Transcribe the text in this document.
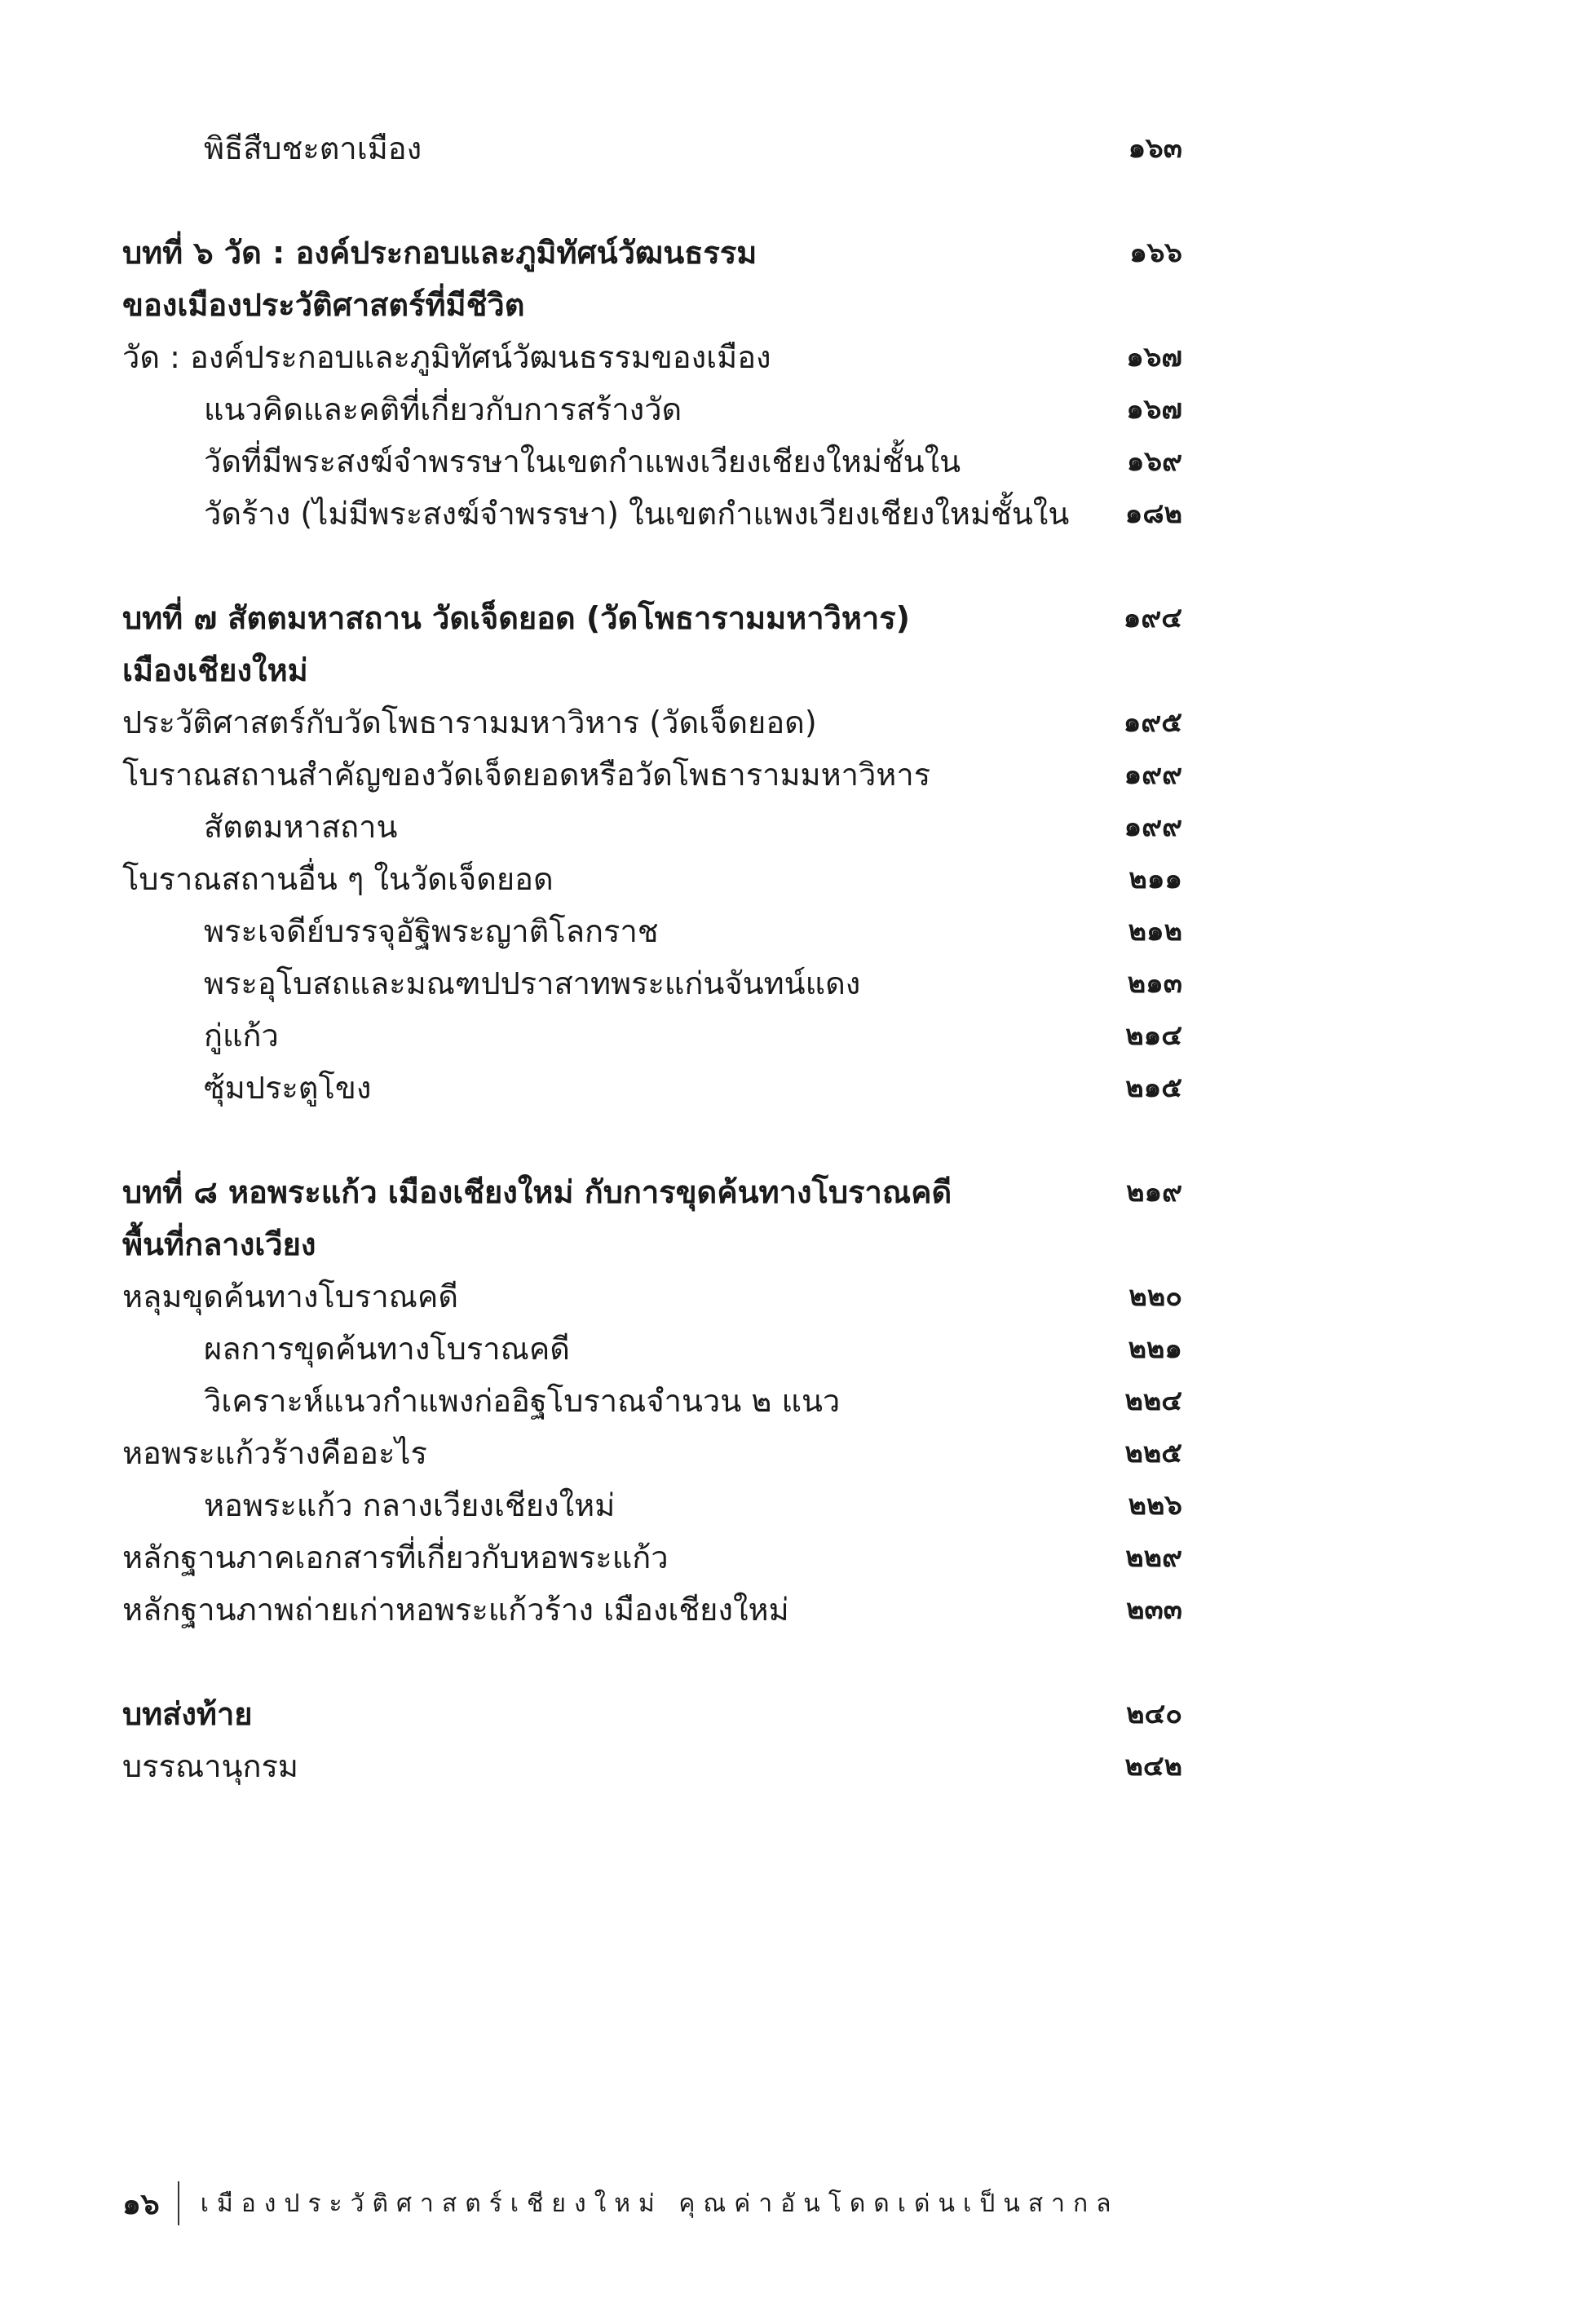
พิธีสืบชะตาเมือง	๑๖๓
บทที่ ๖ วัด : องค์ประกอบและภูมิทัศน์วัฒนธรรม	๑๖๖
ของเมืองประวัติศาสตร์ที่มีชีวิต
วัด : องค์ประกอบและภูมิทัศน์วัฒนธรรมของเมือง	๑๖๗
แนวคิดและคติที่เกี่ยวกับการสร้างวัด	๑๖๗
วัดที่มีพระสงฆ์จำพรรษาในเขตกำแพงเวียงเชียงใหม่ชั้นใน	๑๖๙
วัดร้าง (ไม่มีพระสงฆ์จำพรรษา) ในเขตกำแพงเวียงเชียงใหม่ชั้นใน ๑๘๒
บทที่ ๗ สัตตมหาสถาน วัดเจ็ดยอด (วัดโพธารามมหาวิหาร)	๑๙๔
เมืองเชียงใหม่
ประวัติศาสตร์กับวัดโพธารามมหาวิหาร (วัดเจ็ดยอด)	๑๙๕
โบราณสถานสำคัญของวัดเจ็ดยอดหรือวัดโพธารามมหาวิหาร	๑๙๙
สัตตมหาสถาน	๑๙๙
โบราณสถานอื่น ๆ ในวัดเจ็ดยอด	๒๑๑
พระเจดีย์บรรจุอัฐิพระญาติโลกราช	๒๑๒
พระอุโบสถและมณฑปปราสาทพระแก่นจันทน์แดง	๒๑๓
กู่แก้ว	๒๑๔
ซุ้มประตูโขง	๒๑๕
บทที่ ๘ หอพระแก้ว เมืองเชียงใหม่ กับการขุดค้นทางโบราณคดี	๒๑๙
พื้นที่กลางเวียง
หลุมขุดค้นทางโบราณคดี	๒๒๐
ผลการขุดค้นทางโบราณคดี	๒๒๑
วิเคราะห์แนวกำแพงก่ออิฐโบราณจำนวน ๒ แนว	๒๒๔
หอพระแก้วร้างคืออะไร	๒๒๕
หอพระแก้ว กลางเวียงเชียงใหม่	๒๒๖
หลักฐานภาคเอกสารที่เกี่ยวกับหอพระแก้ว	๒๒๙
หลักฐานภาพถ่ายเก่าหอพระแก้วร้าง เมืองเชียงใหม่	๒๓๓
บทส่งท้าย	๒๔๐
บรรณานุกรม	๒๔๒
๑๖ เมืองประวัติศาสตร์เชียงใหม่ คุณค่าอันโดดเด่นเป็นสากล
